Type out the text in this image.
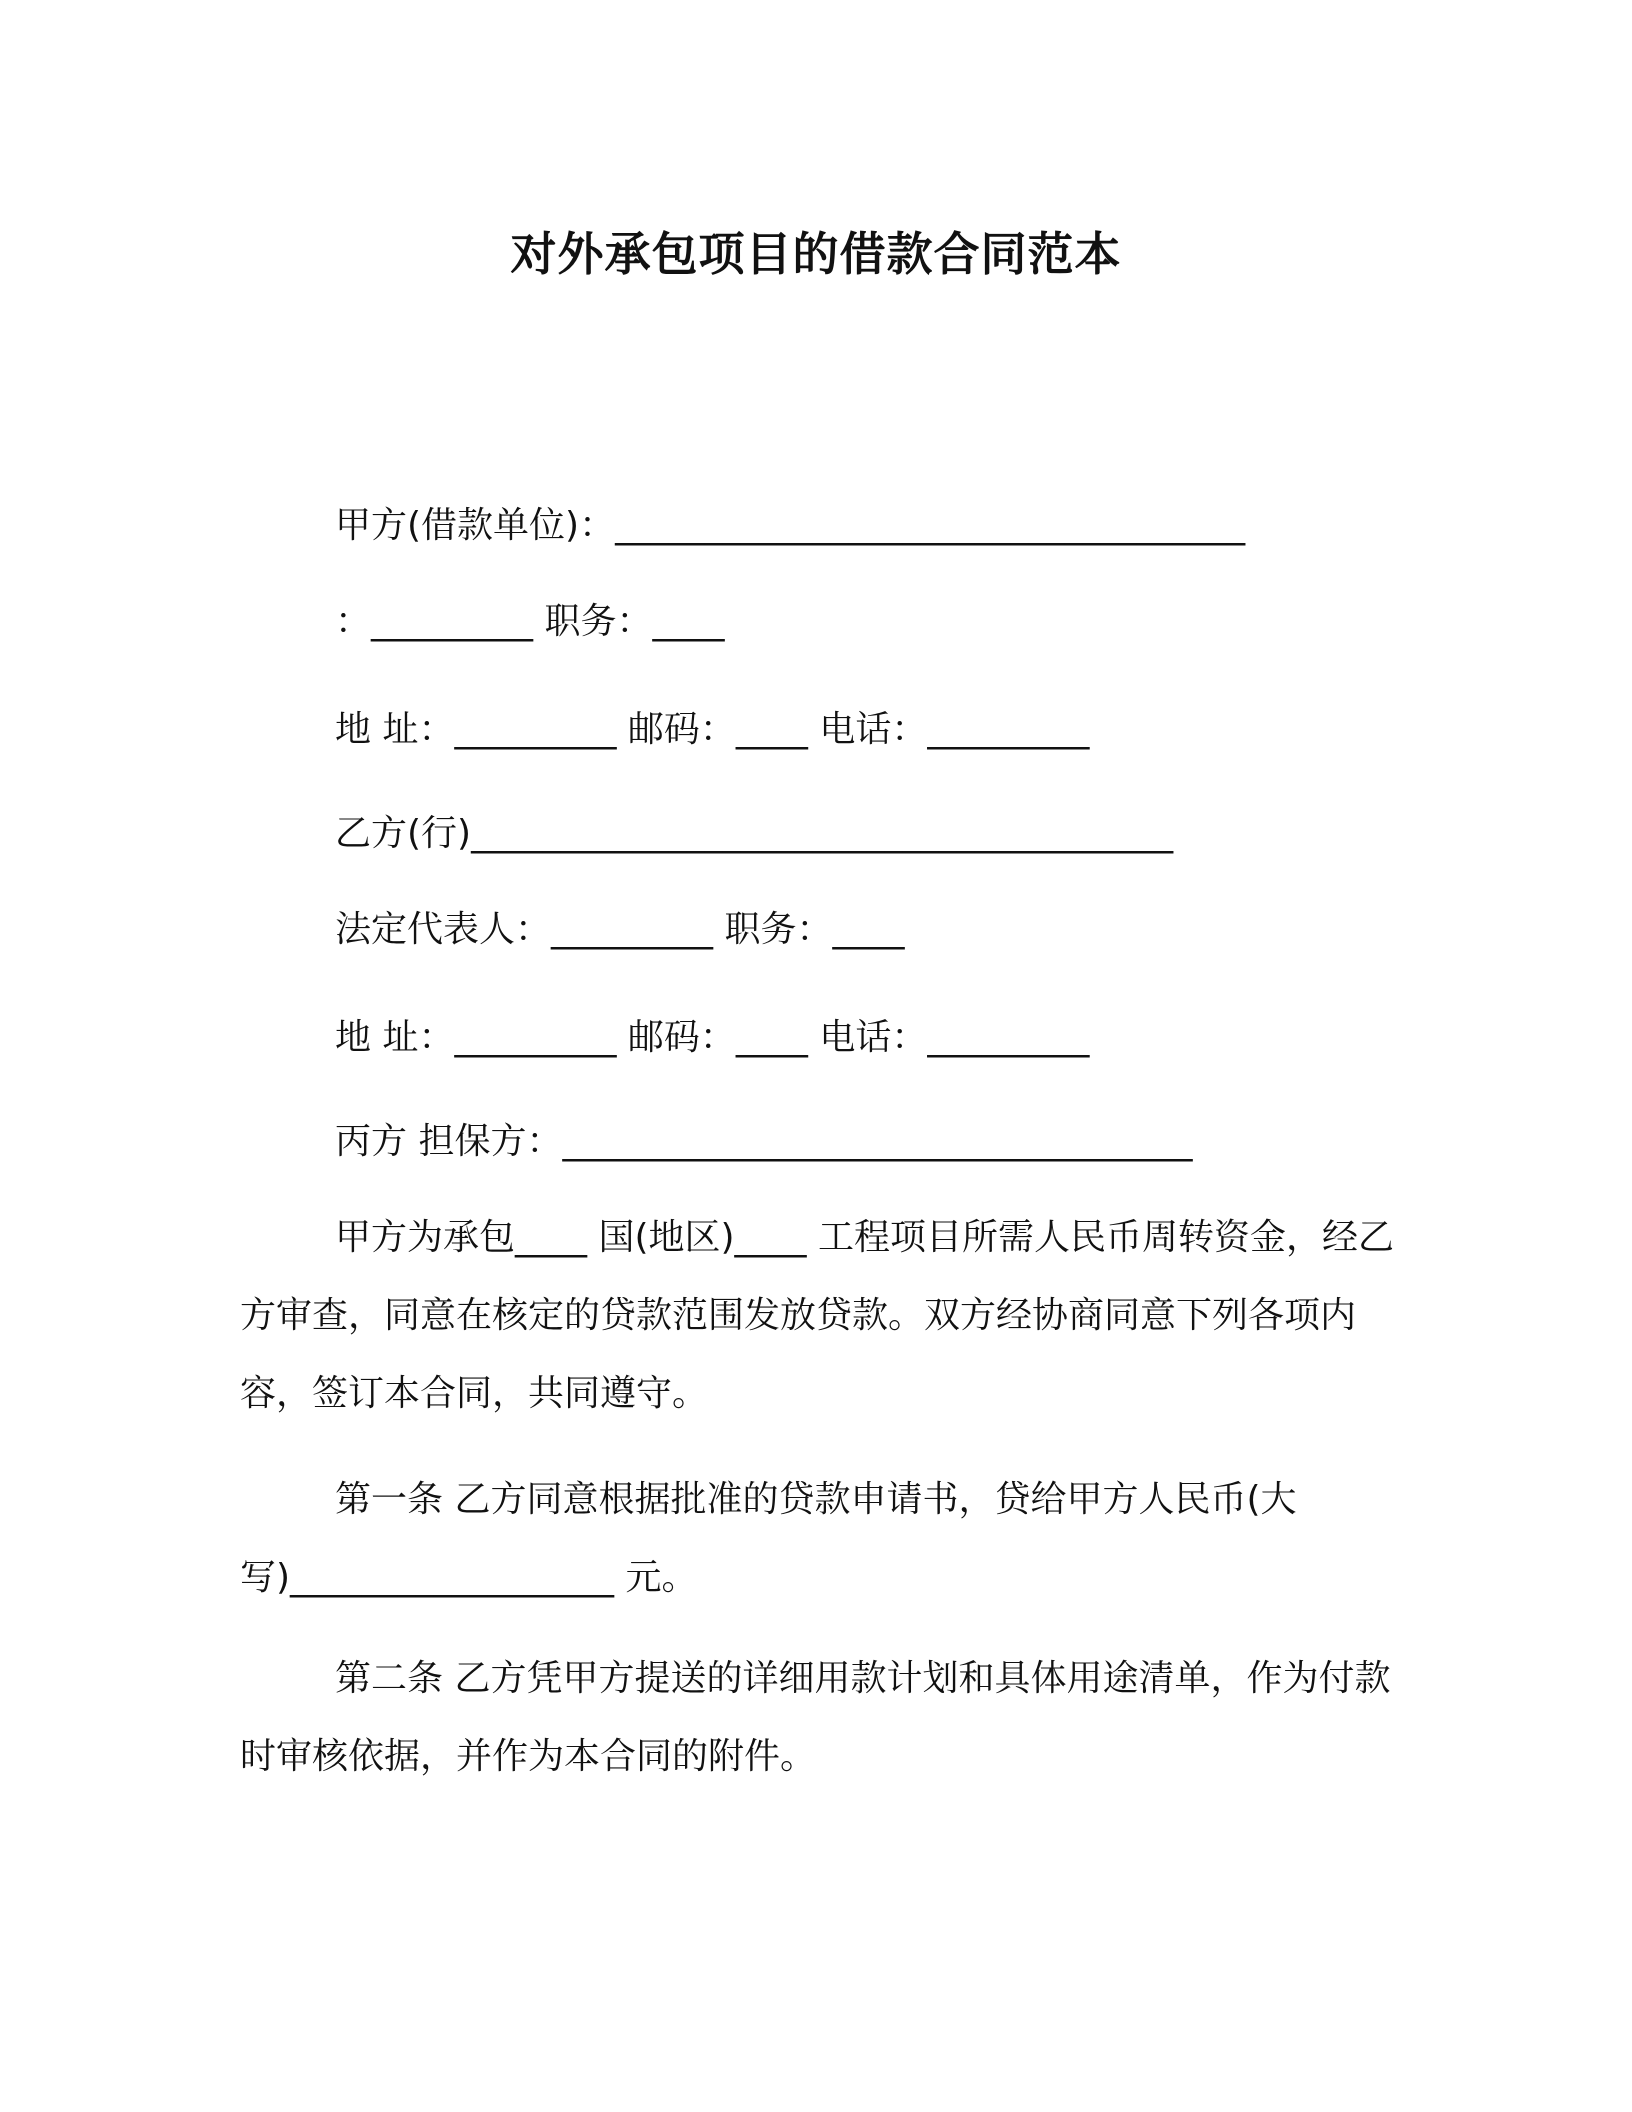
对外承包项目的借款合同范本
甲方(借款单位)：___________________________________
：_________ 职务：____
地 址：_________ 邮码：____ 电话：_________
乙方(行)_______________________________________
法定代表人：_________ 职务：____
地 址：_________ 邮码：____ 电话：_________
丙方 担保方：___________________________________

甲方为承包____ 国(地区)____ 工程项目所需人民币周转资金，经乙方审查，同意在核定的贷款范围发放贷款。双方经协商同意下列各项内容，签订本合同，共同遵守。

第一条 乙方同意根据批准的贷款申请书，贷给甲方人民币(大写)__________________ 元。

第二条 乙方凭甲方提送的详细用款计划和具体用途清单，作为付款时审核依据，并作为本合同的附件。
